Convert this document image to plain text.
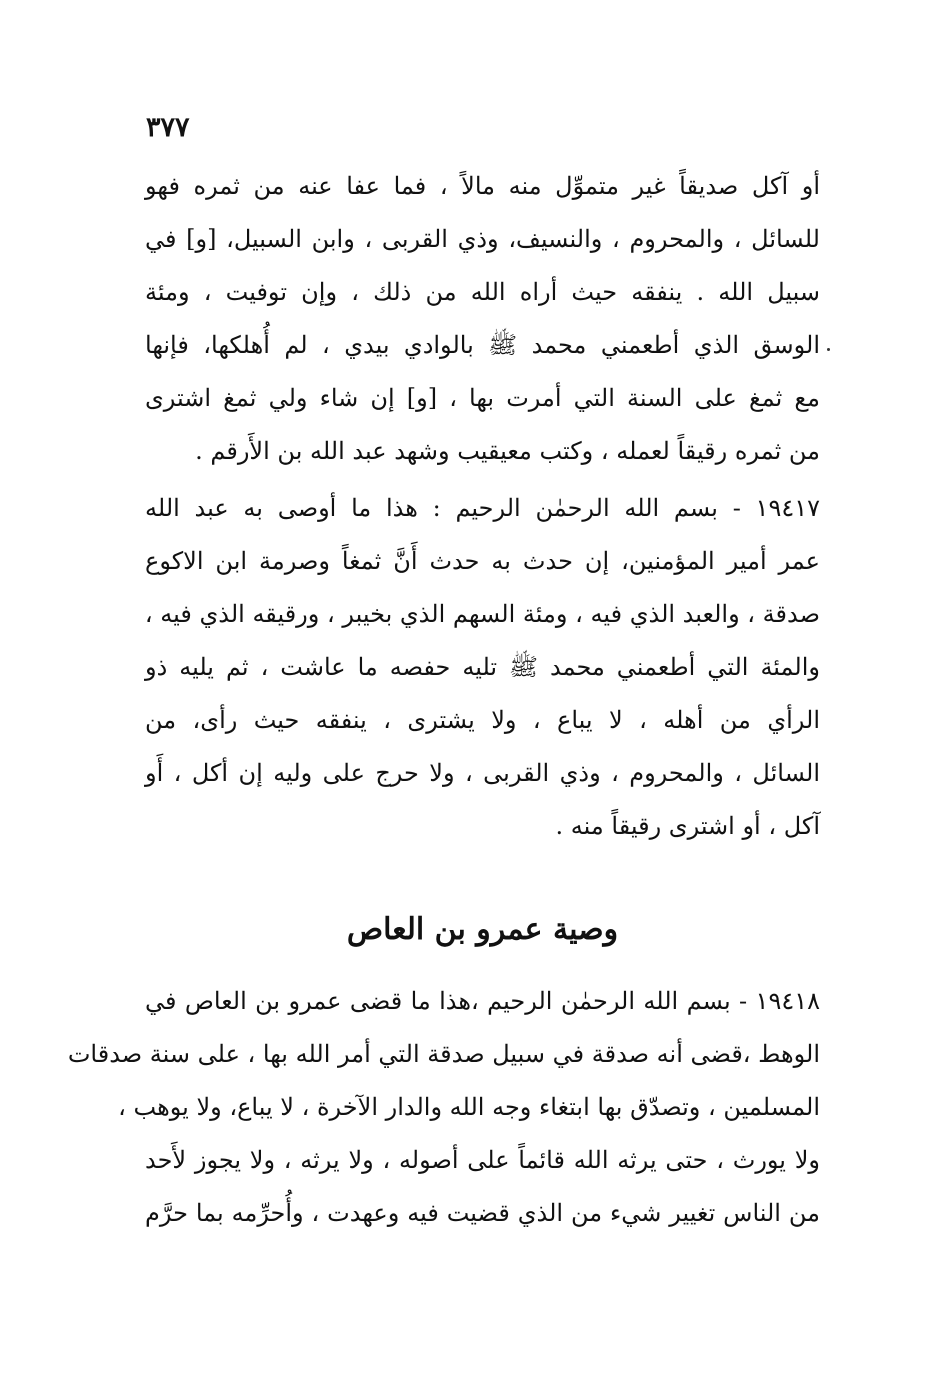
٣٧٧
أو آكل صديقاً غير متموِّل منه مالاً ، فما عفا عنه من ثمره فهو
للسائل ، والمحروم ، والنسيف، وذي القربى ، وابن السبيل، [و] في
سبيل الله . ينفقه حيث أراه الله من ذلك ، وإن توفيت ، ومئة
الوسق الذي أطعمني محمد ﷺ بالوادي بيدي ، لم أُهلكها، فإنها
مع ثمغ على السنة التي أمرت بها ، [و] إن شاء ولي ثمغ اشترى
من ثمره رقيقاً لعمله ، وكتب معيقيب وشهد عبد الله بن الأَرقم .
١٩٤١٧ - بسم الله الرحمٰن الرحيم : هذا ما أوصى به عبد الله
عمر أمير المؤمنين، إن حدث به حدث أَنَّ ثمغاً وصرمة ابن الاكوع
صدقة ، والعبد الذي فيه ، ومئة السهم الذي بخيبر ، ورقيقه الذي فيه ،
والمئة التي أطعمني محمد ﷺ تليه حفصه ما عاشت ، ثم يليه ذو
الرأي من أهله ، لا يباع ، ولا يشترى ، ينفقه حيث رأى، من
السائل ، والمحروم ، وذي القربى ، ولا حرج على وليه إن أكل ، أَو
آكل ، أو اشترى رقيقاً منه .
وصية عمرو بن العاص
١٩٤١٨ - بسم الله الرحمٰن الرحيم ،هذا ما قضى عمرو بن العاص في
الوهط ،قضى أنه صدقة في سبيل صدقة التي أمر الله بها ، على سنة صدقات
المسلمين ، وتصدّق بها ابتغاء وجه الله والدار الآخرة ، لا يباع، ولا يوهب ،
ولا يورث ، حتى يرثه الله قائماً على أصوله ، ولا يرثه ، ولا يجوز لأَحد
من الناس تغيير شيء من الذي قضيت فيه وعهدت ، وأُحرِّمه بما حرَّم
